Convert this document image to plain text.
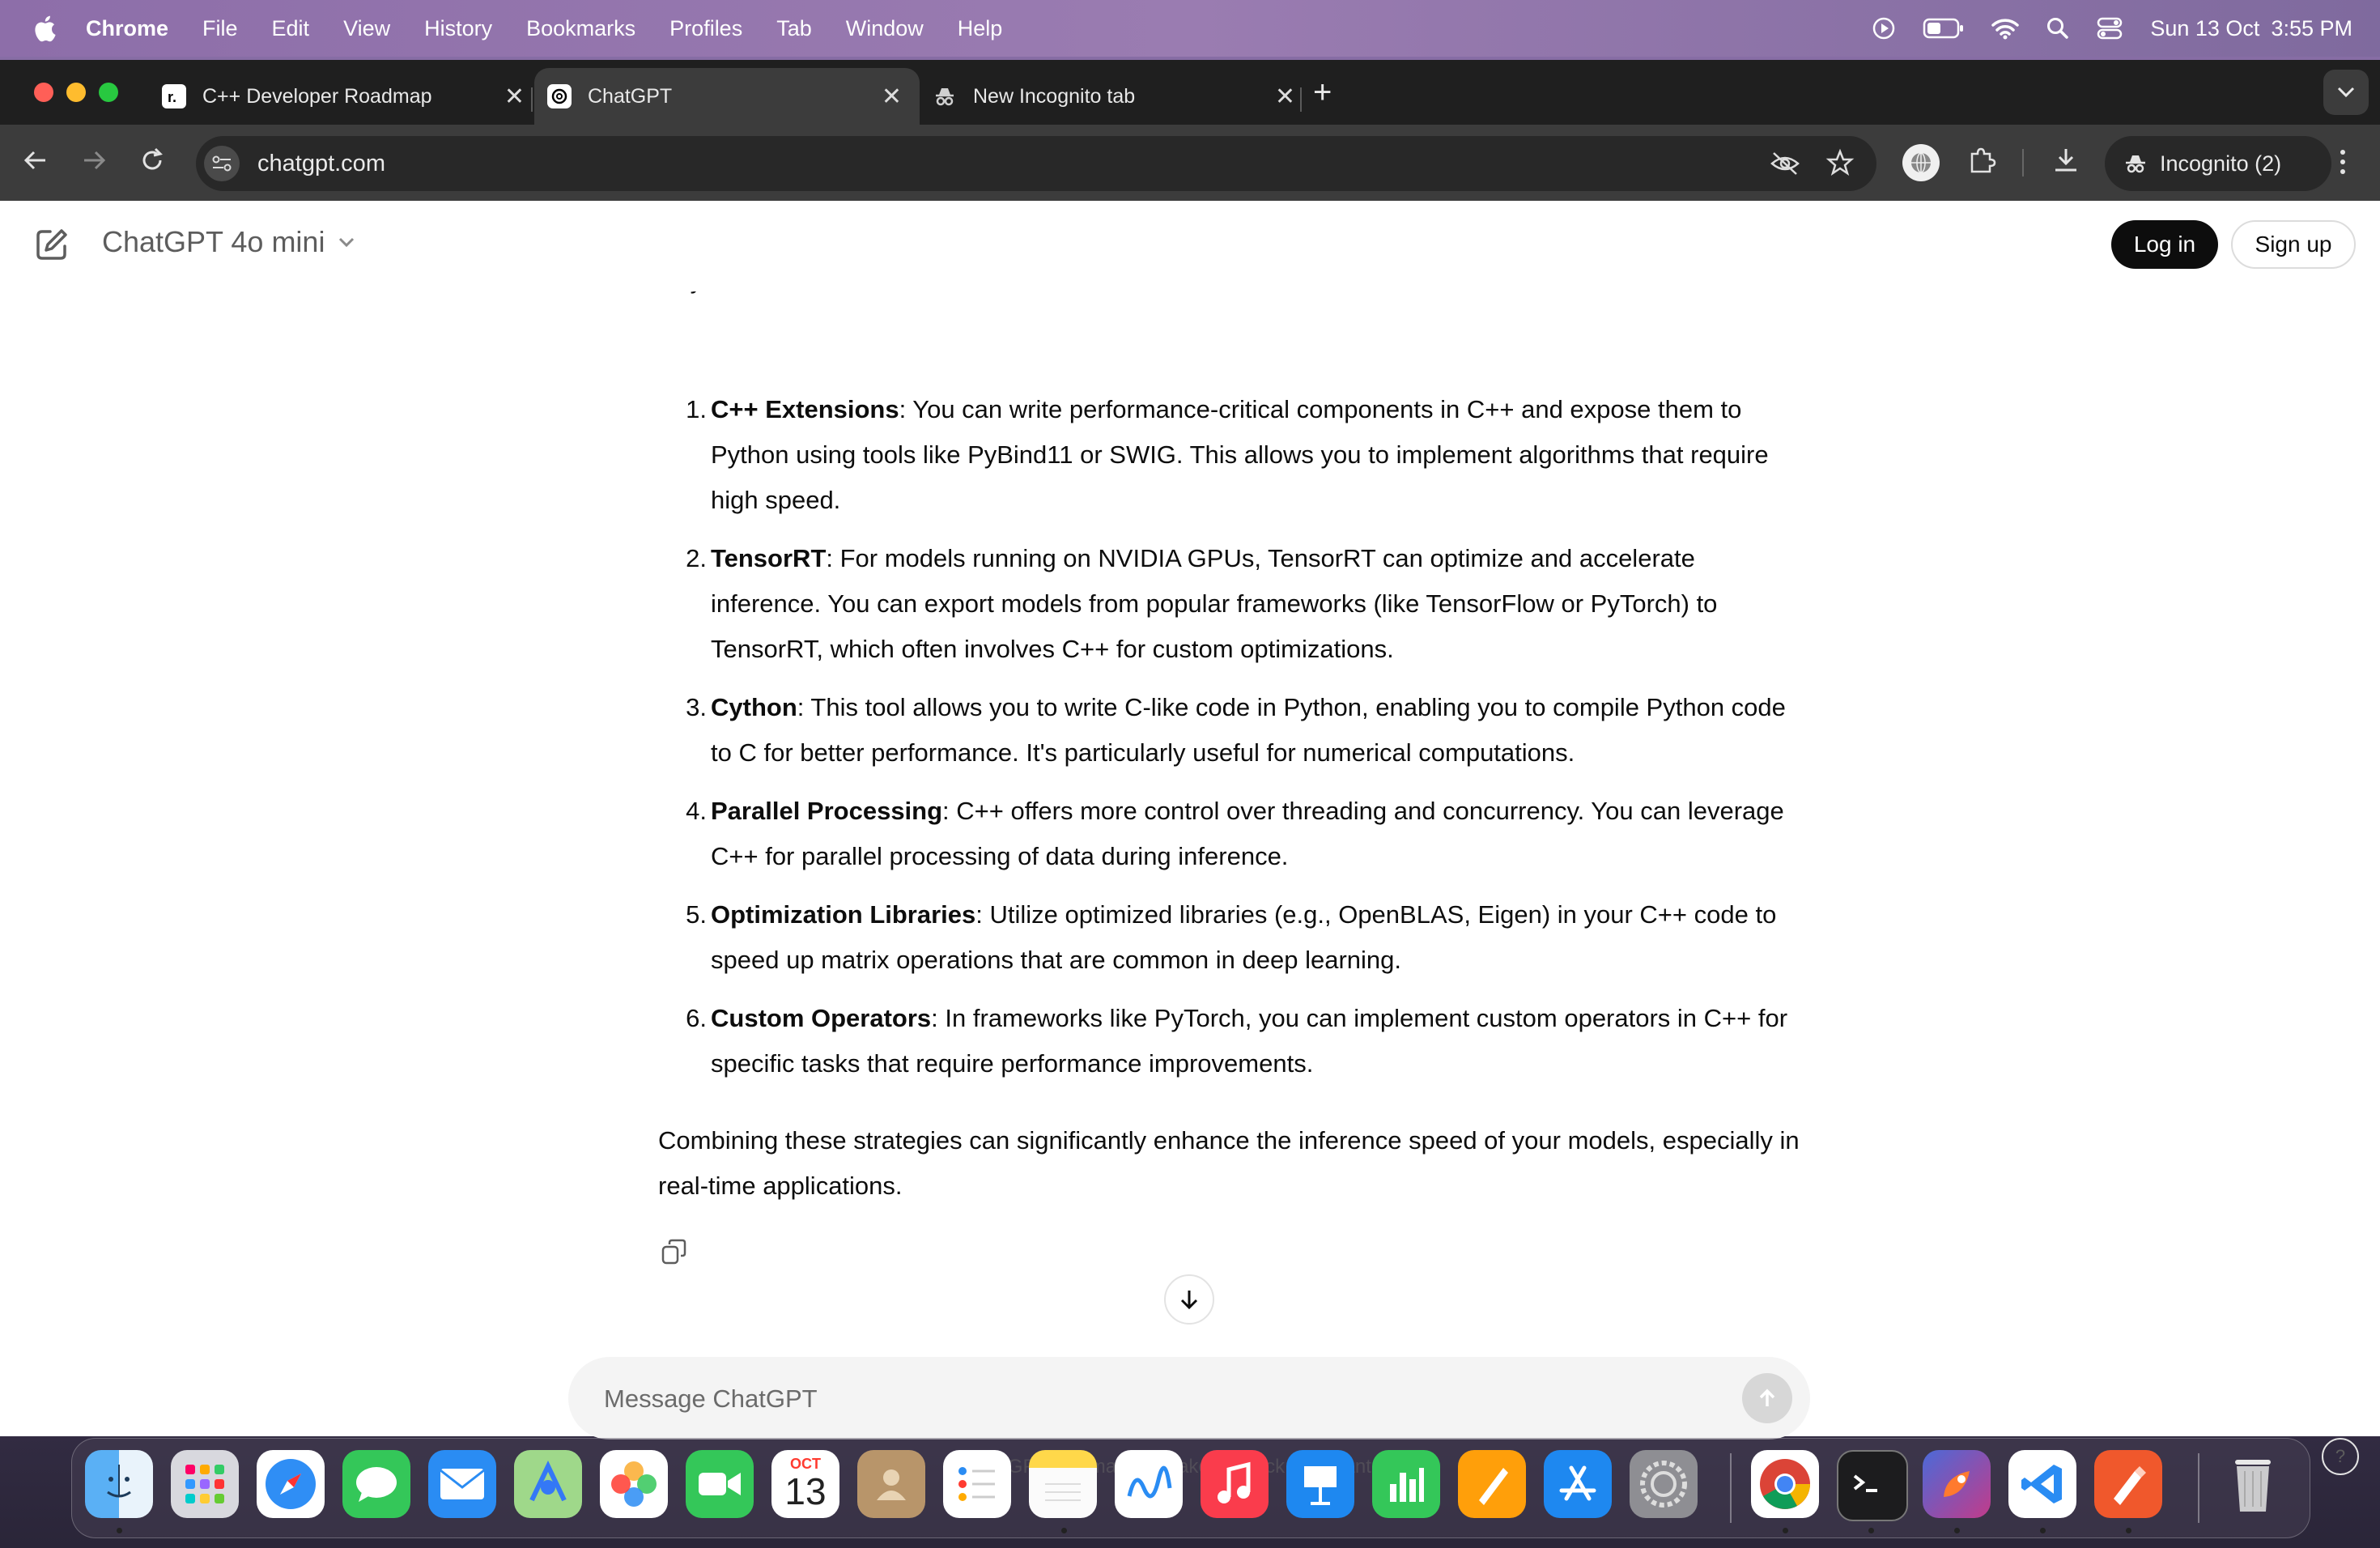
Chrome File Edit View History Bookmarks Profiles Tab Window Help	Sun 13 Oct 3:55 PM
r. C++ Developer Roadmap	✕	ChatGPT	✕	New Incognito tab	✕ +
chatgpt.com	Incognito (2)
ChatGPT 4o mini	Log in	Sign up
1. C++ Extensions: You can write performance-critical components in C++ and expose them to Python using tools like PyBind11 or SWIG. This allows you to implement algorithms that require high speed.
2. TensorRT: For models running on NVIDIA GPUs, TensorRT can optimize and accelerate inference. You can export models from popular frameworks (like TensorFlow or PyTorch) to TensorRT, which often involves C++ for custom optimizations.
3. Cython: This tool allows you to write C-like code in Python, enabling you to compile Python code to C for better performance. It's particularly useful for numerical computations.
4. Parallel Processing: C++ offers more control over threading and concurrency. You can leverage C++ for parallel processing of data during inference.
5. Optimization Libraries: Utilize optimized libraries (e.g., OpenBLAS, Eigen) in your C++ code to speed up matrix operations that are common in deep learning.
6. Custom Operators: In frameworks like PyTorch, you can implement custom operators in C++ for specific tasks that require performance improvements.
Combining these strategies can significantly enhance the inference speed of your models, especially in real-time applications.
Message ChatGPT
?
OCT
13
